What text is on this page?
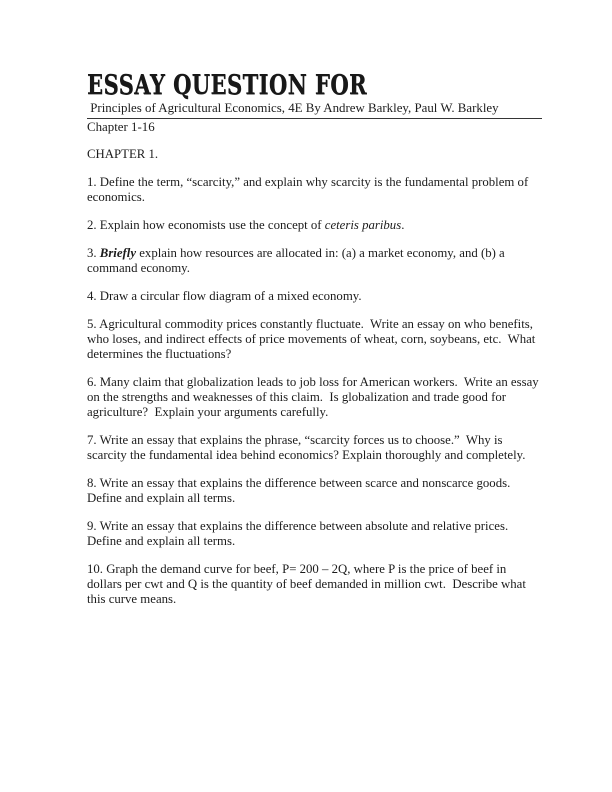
ESSAY QUESTION FOR
Principles of Agricultural Economics, 4E By Andrew Barkley, Paul W. Barkley
Chapter 1-16

CHAPTER 1.

1. Define the term, “scarcity,” and explain why scarcity is the fundamental problem of economics.

2. Explain how economists use the concept of ceteris paribus.

3. Briefly explain how resources are allocated in: (a) a market economy, and (b) a command economy.

4. Draw a circular flow diagram of a mixed economy.

5. Agricultural commodity prices constantly fluctuate.  Write an essay on who benefits, who loses, and indirect effects of price movements of wheat, corn, soybeans, etc.  What determines the fluctuations?

6. Many claim that globalization leads to job loss for American workers.  Write an essay on the strengths and weaknesses of this claim.  Is globalization and trade good for agriculture?  Explain your arguments carefully.

7. Write an essay that explains the phrase, “scarcity forces us to choose.”  Why is scarcity the fundamental idea behind economics? Explain thoroughly and completely.

8. Write an essay that explains the difference between scarce and nonscarce goods. Define and explain all terms.

9. Write an essay that explains the difference between absolute and relative prices. Define and explain all terms.

10. Graph the demand curve for beef, P= 200 – 2Q, where P is the price of beef in dollars per cwt and Q is the quantity of beef demanded in million cwt.  Describe what this curve means.
